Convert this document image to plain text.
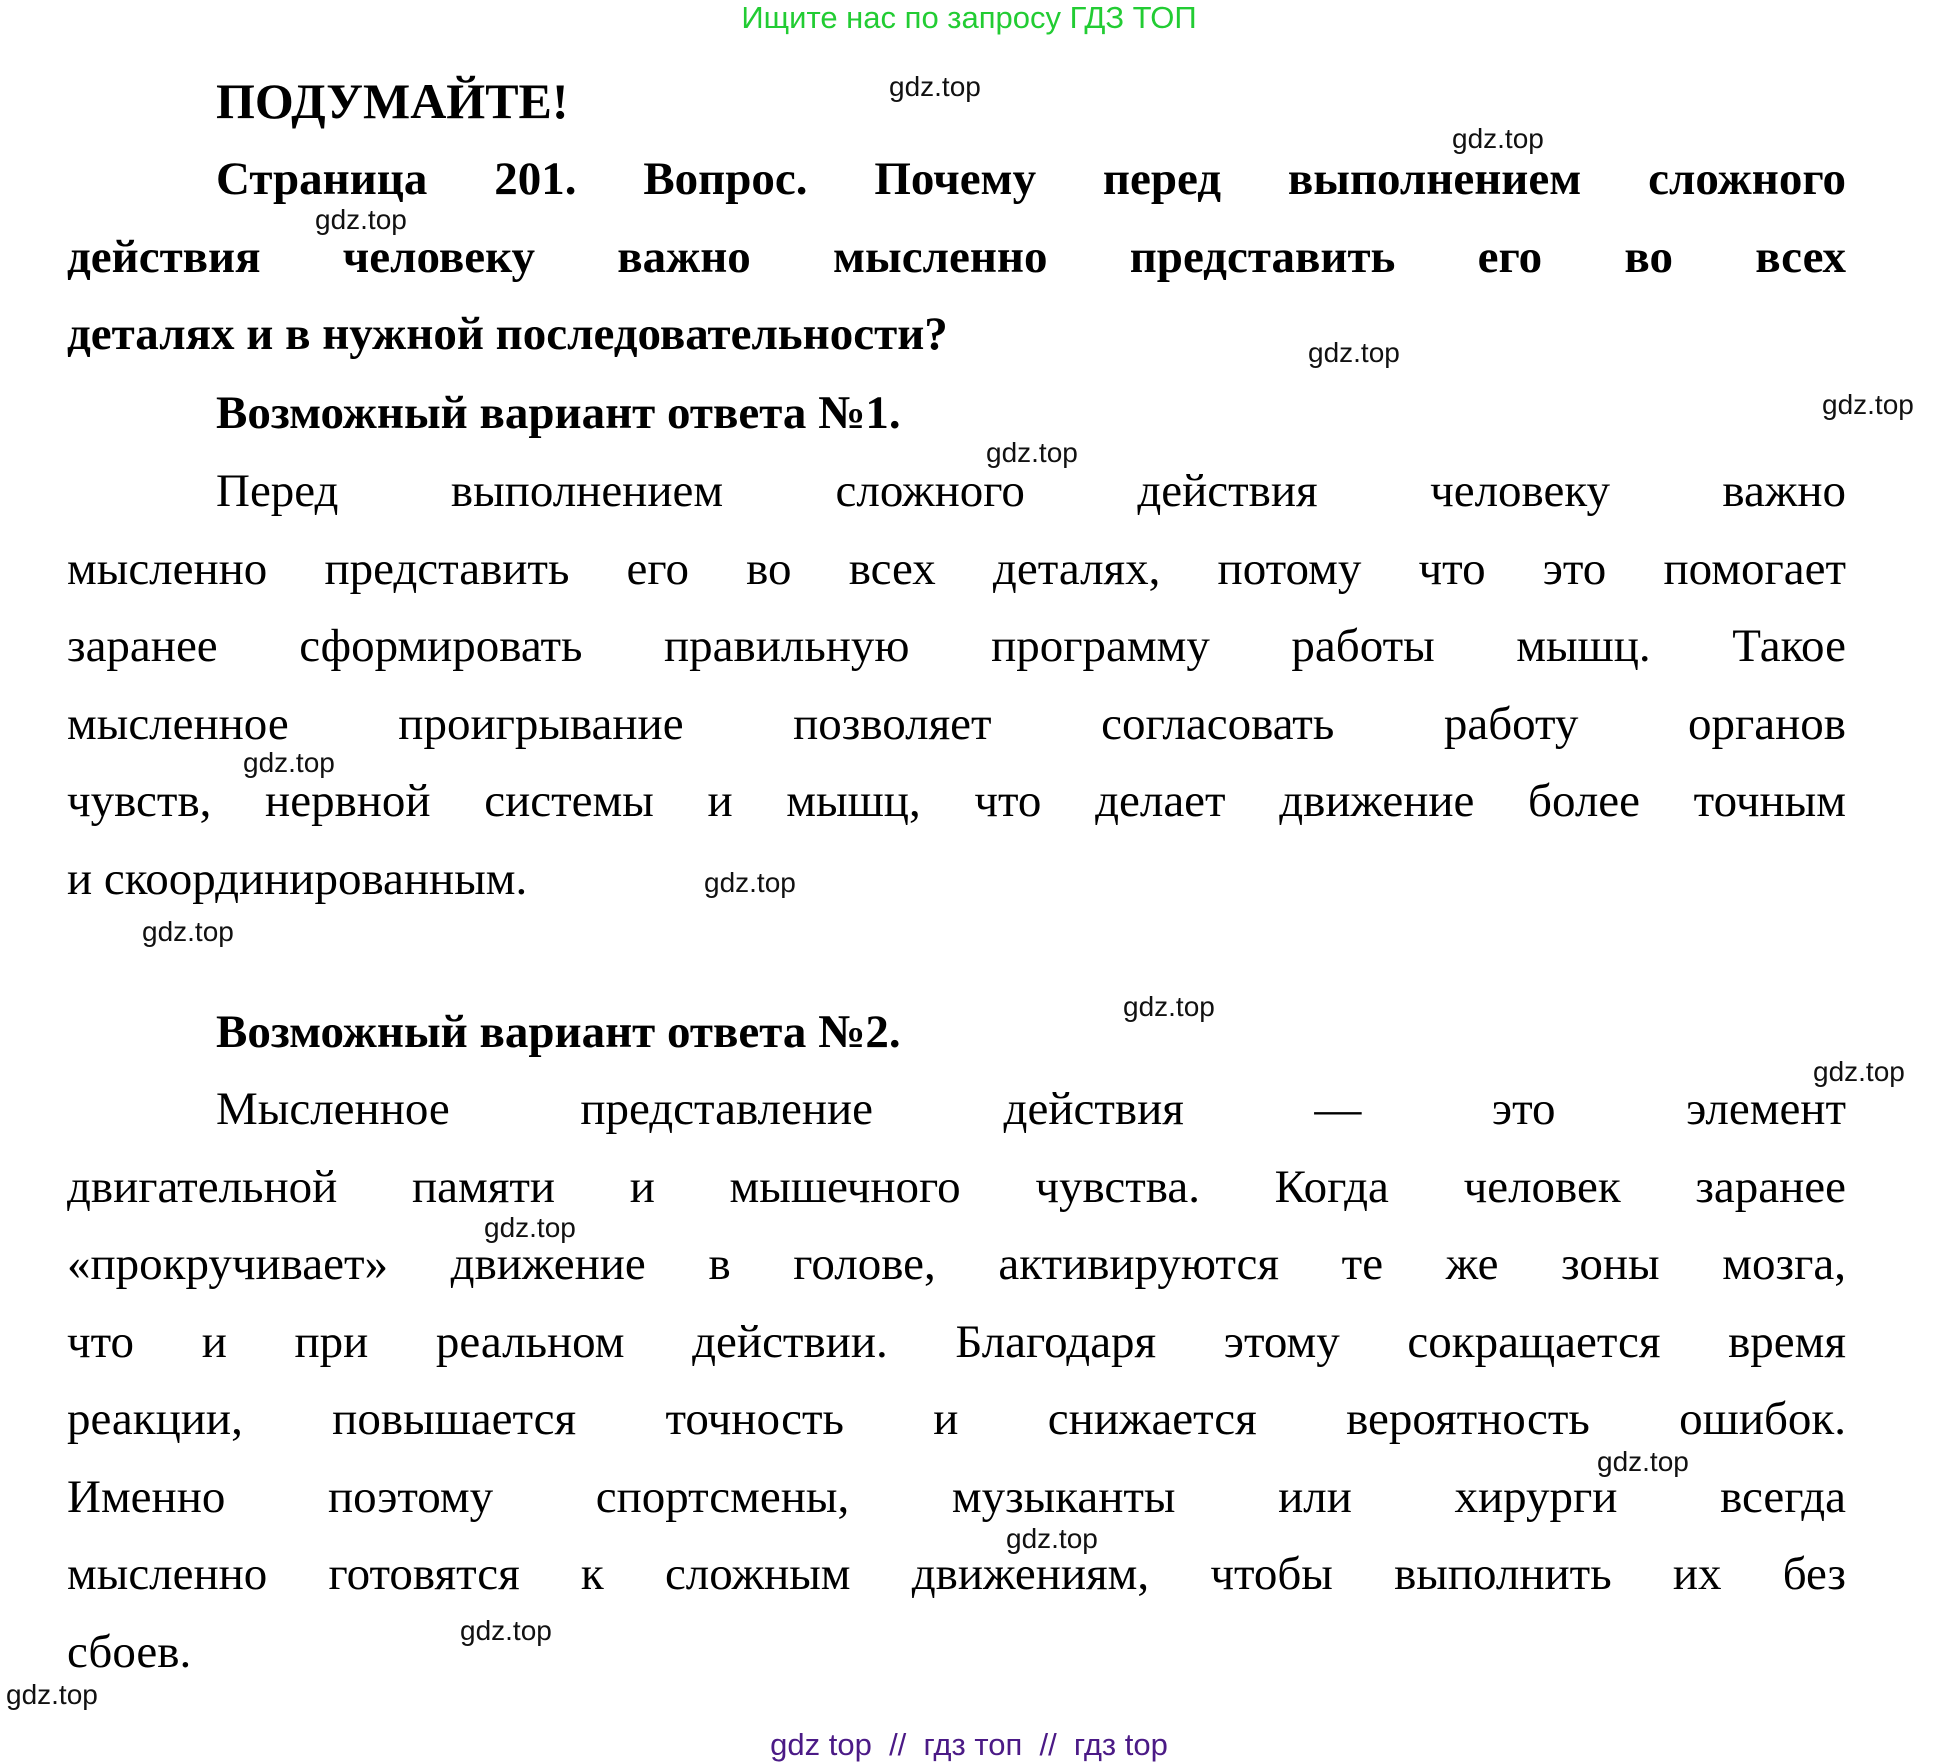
Ищите нас по запросу ГДЗ ТОП
ПОДУМАЙТЕ!
Страница 201. Вопрос. Почему перед выполнением сложного
действия человеку важно мысленно представить его во всех
деталях и в нужной последовательности?
Возможный вариант ответа №1.
Перед выполнением сложного действия человеку важно
мысленно представить его во всех деталях, потому что это помогает
заранее сформировать правильную программу работы мышц. Такое
мысленное проигрывание позволяет согласовать работу органов
чувств, нервной системы и мышц, что делает движение более точным
и скоординированным.
Возможный вариант ответа №2.
Мысленное представление действия — это элемент
двигательной памяти и мышечного чувства. Когда человек заранее
«прокручивает» движение в голове, активируются те же зоны мозга,
что и при реальном действии. Благодаря этому сокращается время
реакции, повышается точность и снижается вероятность ошибок.
Именно поэтому спортсмены, музыканты или хирурги всегда
мысленно готовятся к сложным движениям, чтобы выполнить их без
сбоев.
gdz.top
gdz.top
gdz.top
gdz.top
gdz.top
gdz.top
gdz.top
gdz.top
gdz.top
gdz.top
gdz.top
gdz.top
gdz.top
gdz.top
gdz.top
gdz.top
gdz top  //  гдз топ  //  гдз top
